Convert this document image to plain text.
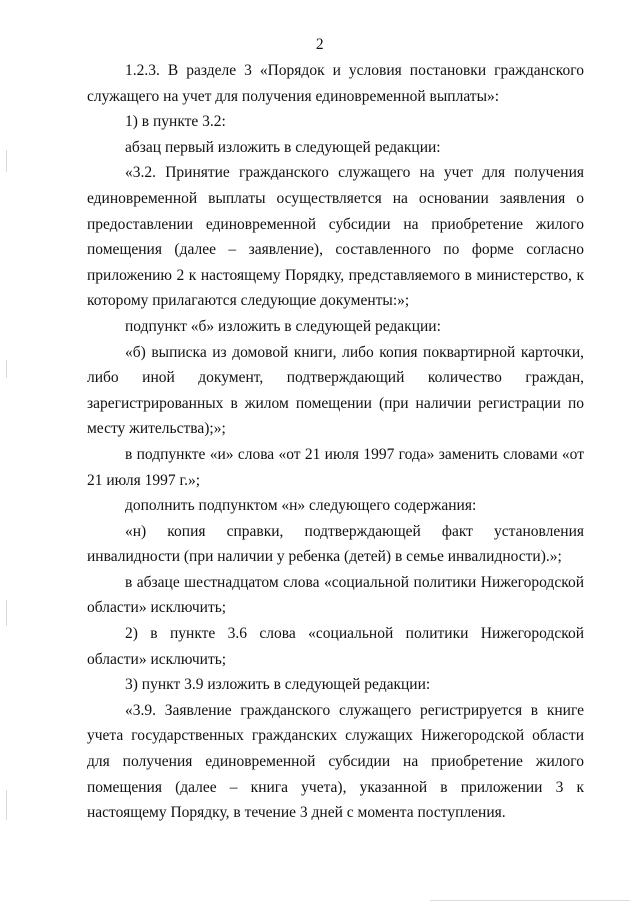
2

1.2.3. В разделе 3 «Порядок и условия постановки гражданского служащего на учет для получения единовременной выплаты»:

1) в пункте 3.2:

абзац первый изложить в следующей редакции:

«3.2. Принятие гражданского служащего на учет для получения единовременной выплаты осуществляется на основании заявления о предоставлении единовременной субсидии на приобретение жилого помещения (далее – заявление), составленного по форме согласно приложению 2 к настоящему Порядку, представляемого в министерство, к которому прилагаются следующие документы:»;

подпункт «б» изложить в следующей редакции:

«б) выписка из домовой книги, либо копия поквартирной карточки, либо иной документ, подтверждающий количество граждан, зарегистрированных в жилом помещении (при наличии регистрации по месту жительства);»;

в подпункте «и» слова «от 21 июля 1997 года» заменить словами «от 21 июля 1997 г.»;

дополнить подпунктом «н» следующего содержания:

«н) копия справки, подтверждающей факт установления инвалидности (при наличии у ребенка (детей) в семье инвалидности).»;

в абзаце шестнадцатом слова «социальной политики Нижегородской области» исключить;

2) в пункте 3.6 слова «социальной политики Нижегородской области» исключить;

3) пункт 3.9 изложить в следующей редакции:

«3.9. Заявление гражданского служащего регистрируется в книге учета государственных гражданских служащих Нижегородской области для получения единовременной субсидии на приобретение жилого помещения (далее – книга учета), указанной в приложении 3 к настоящему Порядку, в течение 3 дней с момента поступления.
